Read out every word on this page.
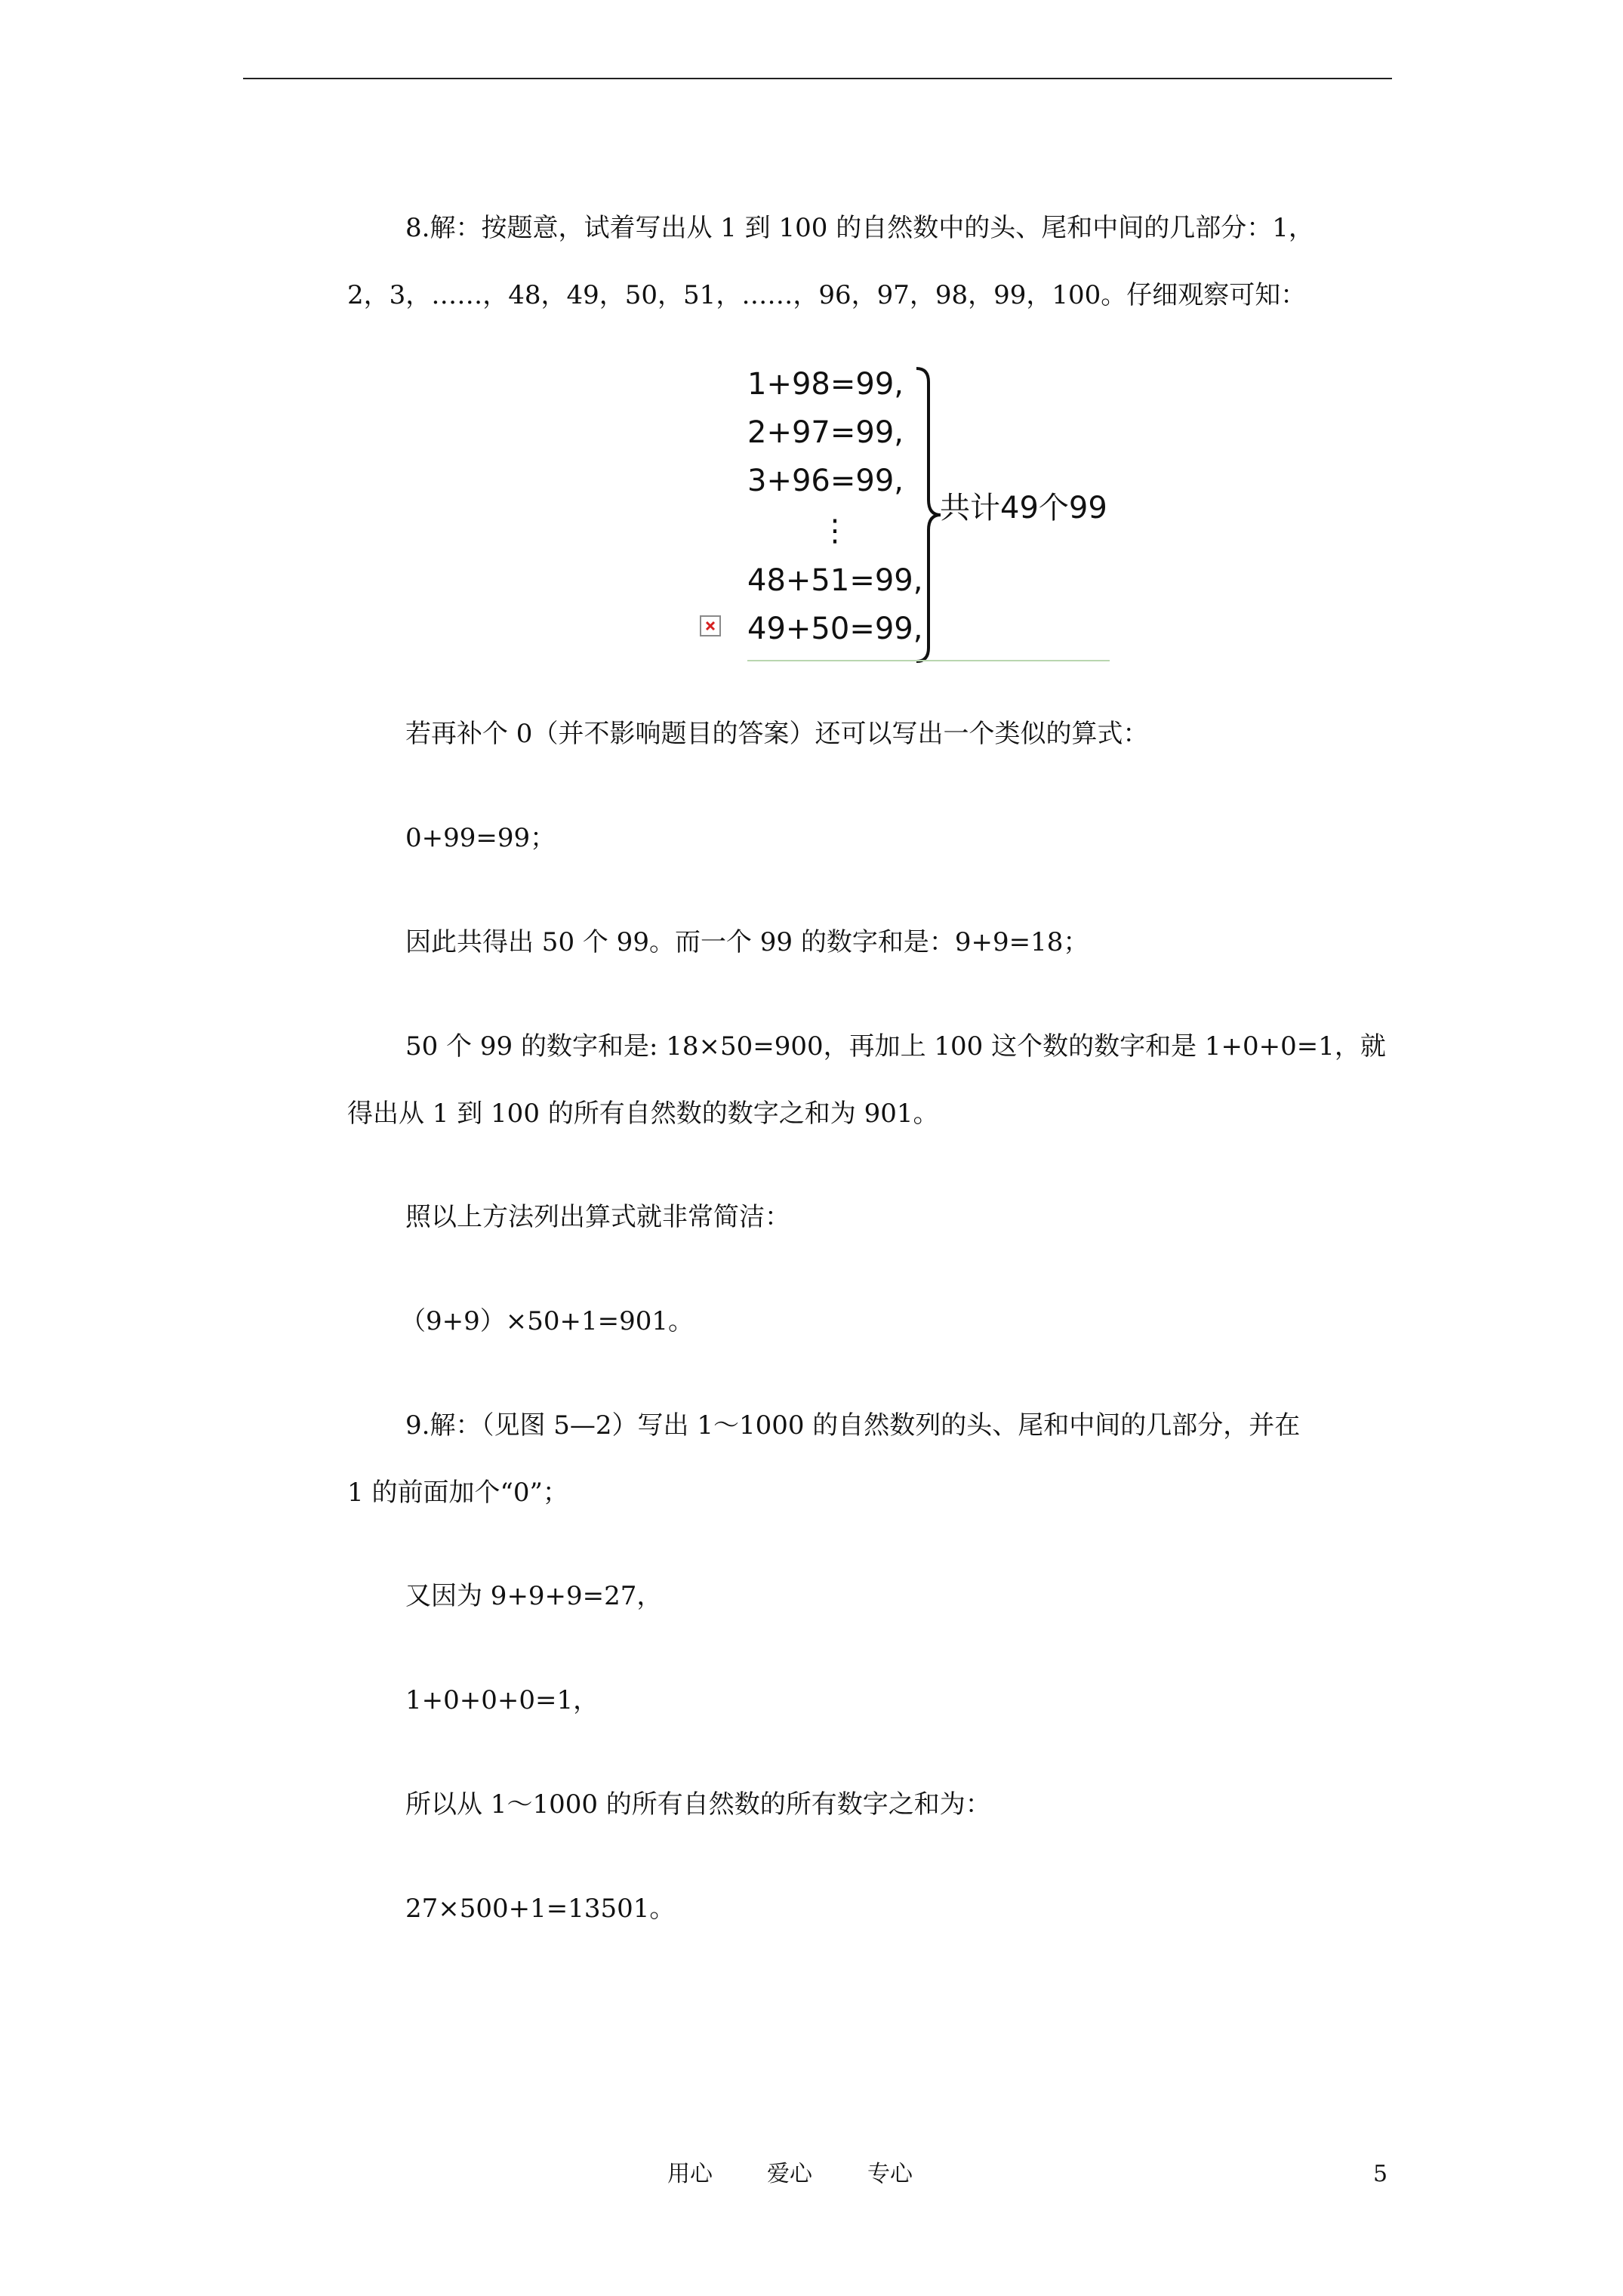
8.解：按题意，试着写出从 1 到 100 的自然数中的头、尾和中间的几部分：1，
2，3，……，48，49，50，51，……，96，97，98，99，100。仔细观察可知：
1+98=99,
2+97=99,
3+96=99,
⋮
48+51=99,
49+50=99,
共计49个99
若再补个 0（并不影响题目的答案）还可以写出一个类似的算式：
0+99=99；
因此共得出 50 个 99。而一个 99 的数字和是：9+9=18；
50 个 99 的数字和是: 18×50=900，再加上 100 这个数的数字和是 1+0+0=1，就
得出从 1 到 100 的所有自然数的数字之和为 901。
照以上方法列出算式就非常简洁：
（9+9）×50+1=901。
9.解：（见图 5—2）写出 1～1000 的自然数列的头、尾和中间的几部分，并在
1 的前面加个“0”；
又因为 9+9+9=27，
1+0+0+0=1，
所以从 1～1000 的所有自然数的所有数字之和为：
27×500+1=13501。
用心 爱心 专心	5
